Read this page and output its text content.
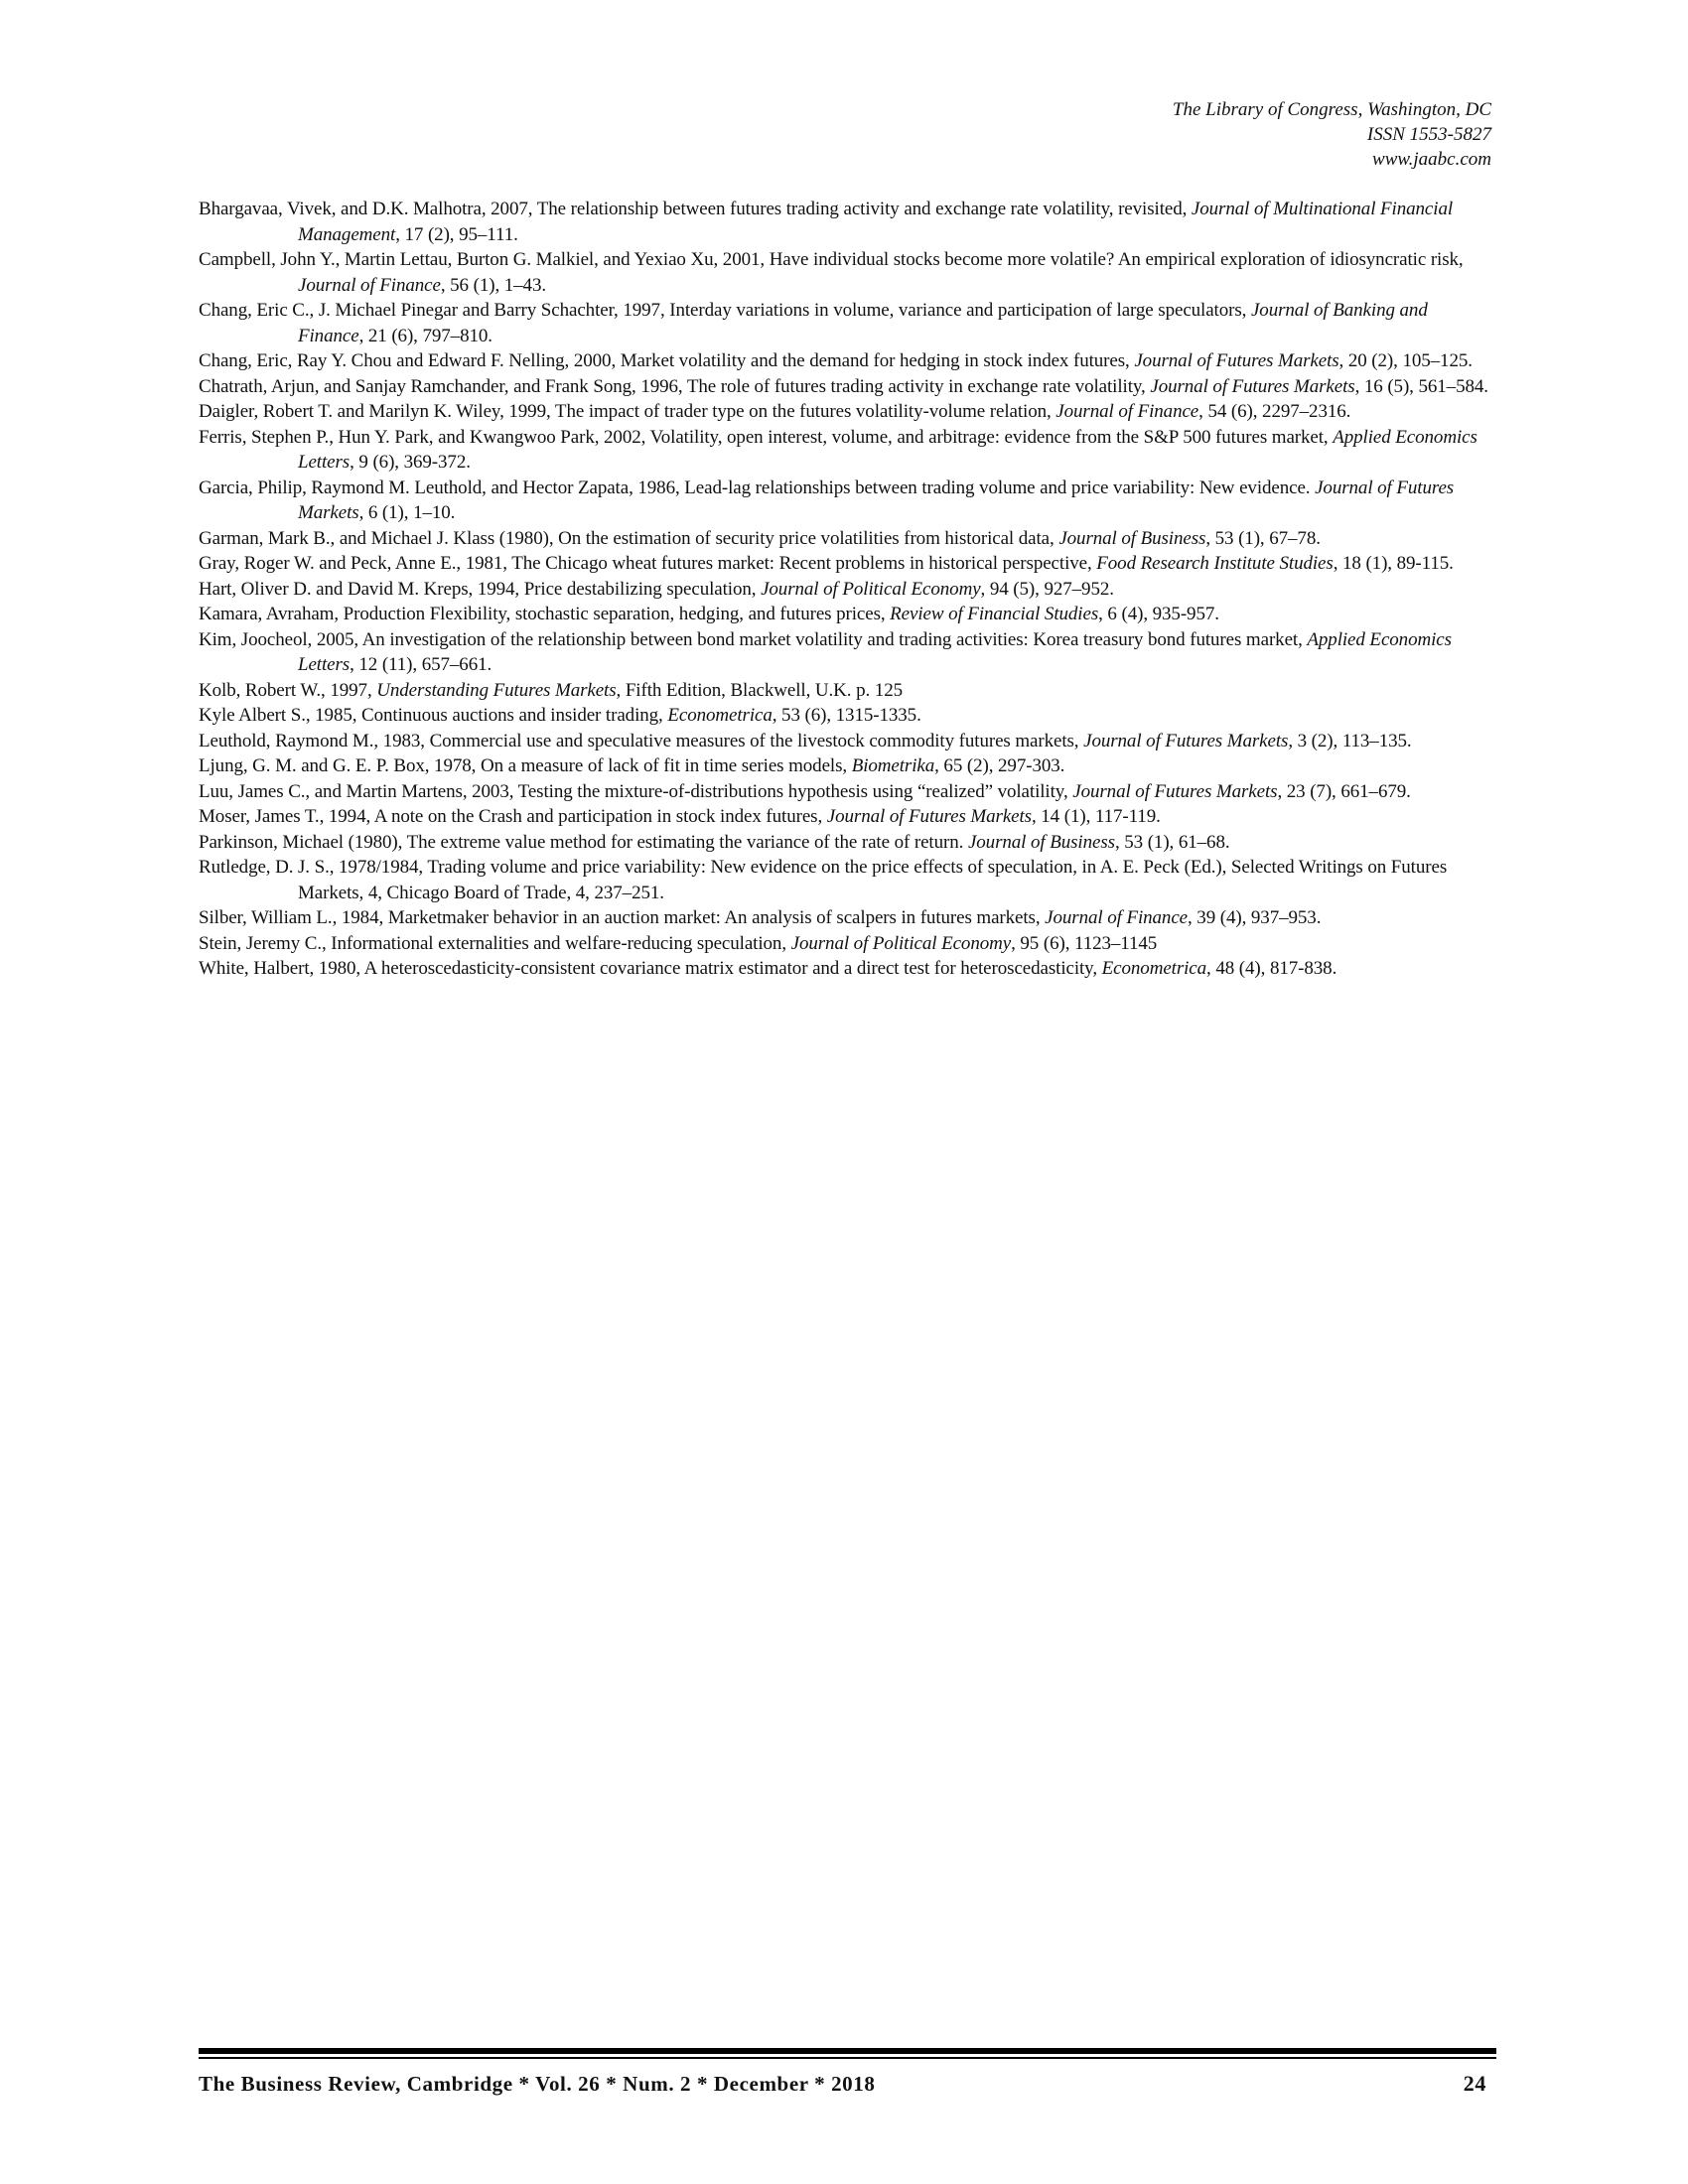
The Library of Congress, Washington, DC
ISSN 1553-5827
www.jaabc.com
Bhargavaa, Vivek, and D.K. Malhotra, 2007, The relationship between futures trading activity and exchange rate volatility, revisited, Journal of Multinational Financial Management, 17 (2), 95–111.
Campbell, John Y., Martin Lettau, Burton G. Malkiel, and Yexiao Xu, 2001, Have individual stocks become more volatile? An empirical exploration of idiosyncratic risk, Journal of Finance, 56 (1), 1–43.
Chang, Eric C., J. Michael Pinegar and Barry Schachter, 1997, Interday variations in volume, variance and participation of large speculators, Journal of Banking and Finance, 21 (6), 797–810.
Chang, Eric, Ray Y. Chou and Edward F. Nelling, 2000, Market volatility and the demand for hedging in stock index futures, Journal of Futures Markets, 20 (2), 105–125.
Chatrath, Arjun, and Sanjay Ramchander, and Frank Song, 1996, The role of futures trading activity in exchange rate volatility, Journal of Futures Markets, 16 (5), 561–584.
Daigler, Robert T. and Marilyn K. Wiley, 1999, The impact of trader type on the futures volatility-volume relation, Journal of Finance, 54 (6), 2297–2316.
Ferris, Stephen P., Hun Y. Park, and Kwangwoo Park, 2002, Volatility, open interest, volume, and arbitrage: evidence from the S&P 500 futures market, Applied Economics Letters, 9 (6), 369-372.
Garcia, Philip, Raymond M. Leuthold, and Hector Zapata, 1986, Lead-lag relationships between trading volume and price variability: New evidence. Journal of Futures Markets, 6 (1), 1–10.
Garman, Mark B., and Michael J. Klass (1980), On the estimation of security price volatilities from historical data, Journal of Business, 53 (1), 67–78.
Gray, Roger W. and Peck, Anne E., 1981, The Chicago wheat futures market: Recent problems in historical perspective, Food Research Institute Studies, 18 (1), 89-115.
Hart, Oliver D. and David M. Kreps, 1994, Price destabilizing speculation, Journal of Political Economy, 94 (5), 927–952.
Kamara, Avraham, Production Flexibility, stochastic separation, hedging, and futures prices, Review of Financial Studies, 6 (4), 935-957.
Kim, Joocheol, 2005, An investigation of the relationship between bond market volatility and trading activities: Korea treasury bond futures market, Applied Economics Letters, 12 (11), 657–661.
Kolb, Robert W., 1997, Understanding Futures Markets, Fifth Edition, Blackwell, U.K. p. 125
Kyle Albert S., 1985, Continuous auctions and insider trading, Econometrica, 53 (6), 1315-1335.
Leuthold, Raymond M., 1983, Commercial use and speculative measures of the livestock commodity futures markets, Journal of Futures Markets, 3 (2), 113–135.
Ljung, G. M. and G. E. P. Box, 1978, On a measure of lack of fit in time series models, Biometrika, 65 (2), 297-303.
Luu, James C., and Martin Martens, 2003, Testing the mixture-of-distributions hypothesis using “realized” volatility, Journal of Futures Markets, 23 (7), 661–679.
Moser, James T., 1994, A note on the Crash and participation in stock index futures, Journal of Futures Markets, 14 (1), 117-119.
Parkinson, Michael (1980), The extreme value method for estimating the variance of the rate of return. Journal of Business, 53 (1), 61–68.
Rutledge, D. J. S., 1978/1984, Trading volume and price variability: New evidence on the price effects of speculation, in A. E. Peck (Ed.), Selected Writings on Futures Markets, 4, Chicago Board of Trade, 4, 237–251.
Silber, William L., 1984, Marketmaker behavior in an auction market: An analysis of scalpers in futures markets, Journal of Finance, 39 (4), 937–953.
Stein, Jeremy C., Informational externalities and welfare-reducing speculation, Journal of Political Economy, 95 (6), 1123–1145
White, Halbert, 1980, A heteroscedasticity-consistent covariance matrix estimator and a direct test for heteroscedasticity, Econometrica, 48 (4), 817-838.
The Business Review, Cambridge * Vol. 26 * Num. 2 * December * 2018	24
